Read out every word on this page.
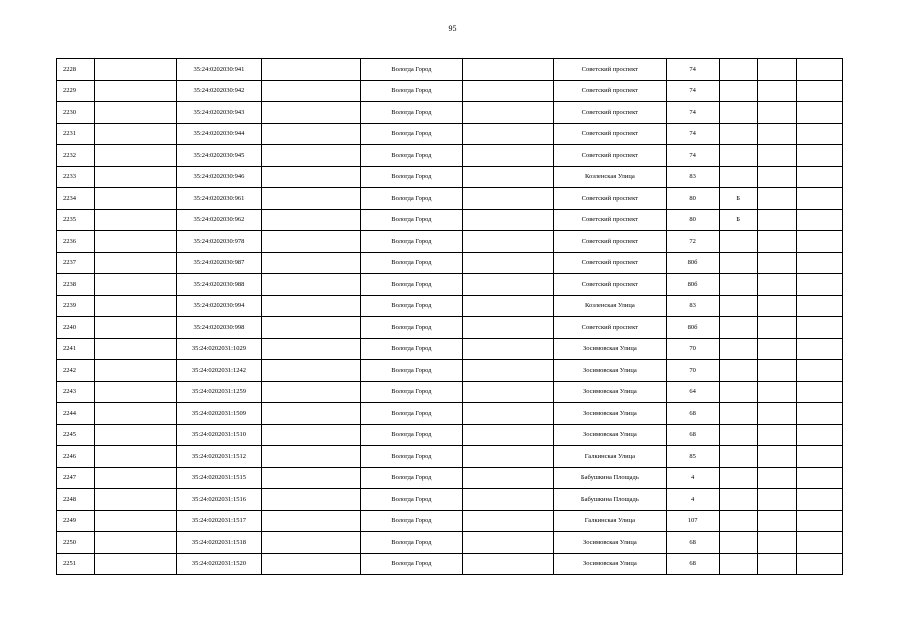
95
2228		35:24:0202030:941		Вологда Город		Советский проспект	74			
2229		35:24:0202030:942		Вологда Город		Советский проспект	74			
2230		35:24:0202030:943		Вологда Город		Советский проспект	74			
2231		35:24:0202030:944		Вологда Город		Советский проспект	74			
2232		35:24:0202030:945		Вологда Город		Советский проспект	74			
2233		35:24:0202030:946		Вологда Город		Козленская Улица	83			
2234		35:24:0202030:961		Вологда Город		Советский проспект	80	Б		
2235		35:24:0202030:962		Вологда Город		Советский проспект	80	Б		
2236		35:24:0202030:978		Вологда Город		Советский проспект	72			
2237		35:24:0202030:987		Вологда Город		Советский проспект	80б			
2238		35:24:0202030:988		Вологда Город		Советский проспект	80б			
2239		35:24:0202030:994		Вологда Город		Козленская Улица	83			
2240		35:24:0202030:998		Вологда Город		Советский проспект	80б			
2241		35:24:0202031:1029		Вологда Город		Зосимовская Улица	70			
2242		35:24:0202031:1242		Вологда Город		Зосимовская Улица	70			
2243		35:24:0202031:1259		Вологда Город		Зосимовская Улица	64			
2244		35:24:0202031:1509		Вологда Город		Зосимовская Улица	68			
2245		35:24:0202031:1510		Вологда Город		Зосимовская Улица	68			
2246		35:24:0202031:1512		Вологда Город		Галкинская Улица	85			
2247		35:24:0202031:1515		Вологда Город		Бабушкина Площадь	4			
2248		35:24:0202031:1516		Вологда Город		Бабушкина Площадь	4			
2249		35:24:0202031:1517		Вологда Город		Галкинская Улица	107			
2250		35:24:0202031:1518		Вологда Город		Зосимовская Улица	68			
2251		35:24:0202031:1520		Вологда Город		Зосимовская Улица	68			
